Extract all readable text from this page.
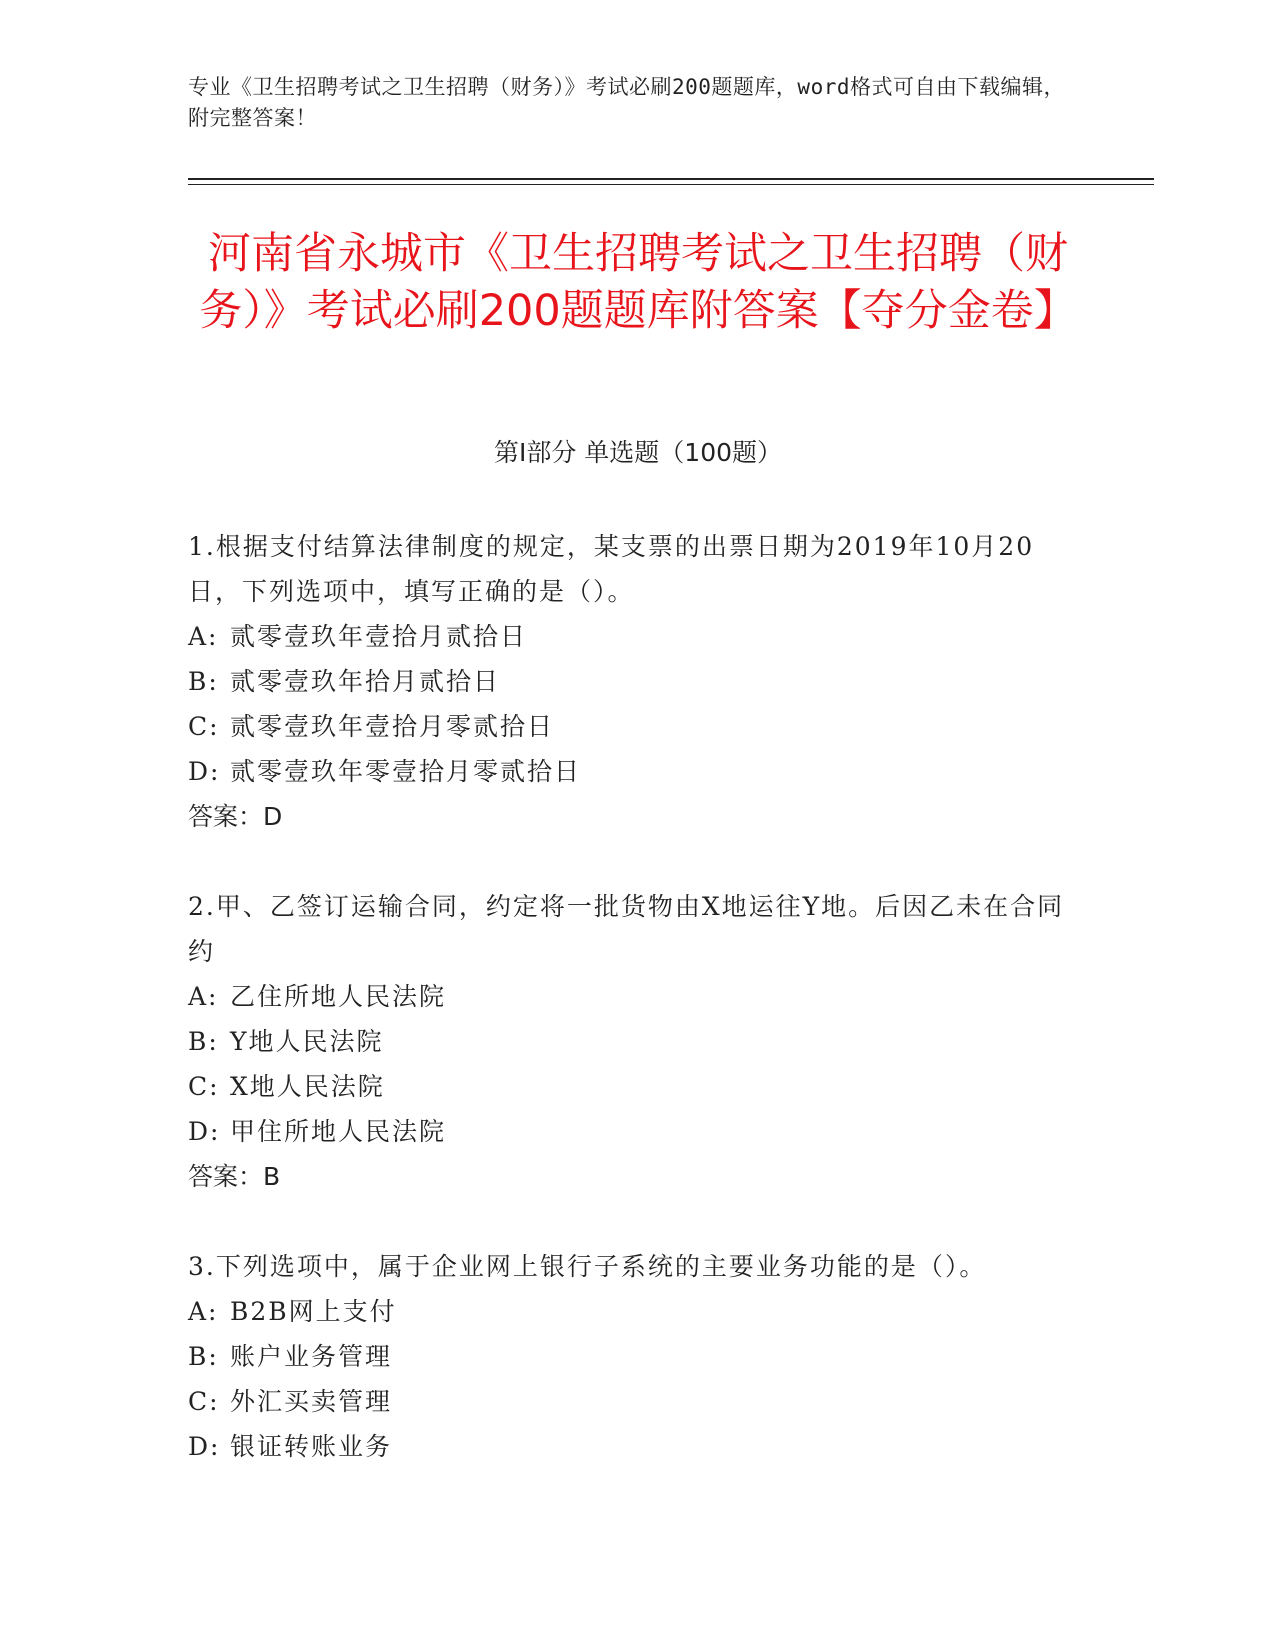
专业《卫生招聘考试之卫生招聘（财务）》考试必刷200题题库，word格式可自由下载编辑，附完整答案！
河南省永城市《卫生招聘考试之卫生招聘（财务）》考试必刷200题题库附答案【夺分金卷】
第I部分 单选题（100题）
1.根据支付结算法律制度的规定，某支票的出票日期为2019年10月20日，下列选项中，填写正确的是（）。
A: 贰零壹玖年壹拾月贰拾日
B: 贰零壹玖年拾月贰拾日
C: 贰零壹玖年壹拾月零贰拾日
D: 贰零壹玖年零壹拾月零贰拾日
答案：D
2.甲、乙签订运输合同，约定将一批货物由X地运往Y地。后因乙未在合同约
A: 乙住所地人民法院
B: Y地人民法院
C: X地人民法院
D: 甲住所地人民法院
答案：B
3.下列选项中，属于企业网上银行子系统的主要业务功能的是（）。
A: B2B网上支付
B: 账户业务管理
C: 外汇买卖管理
D: 银证转账业务
